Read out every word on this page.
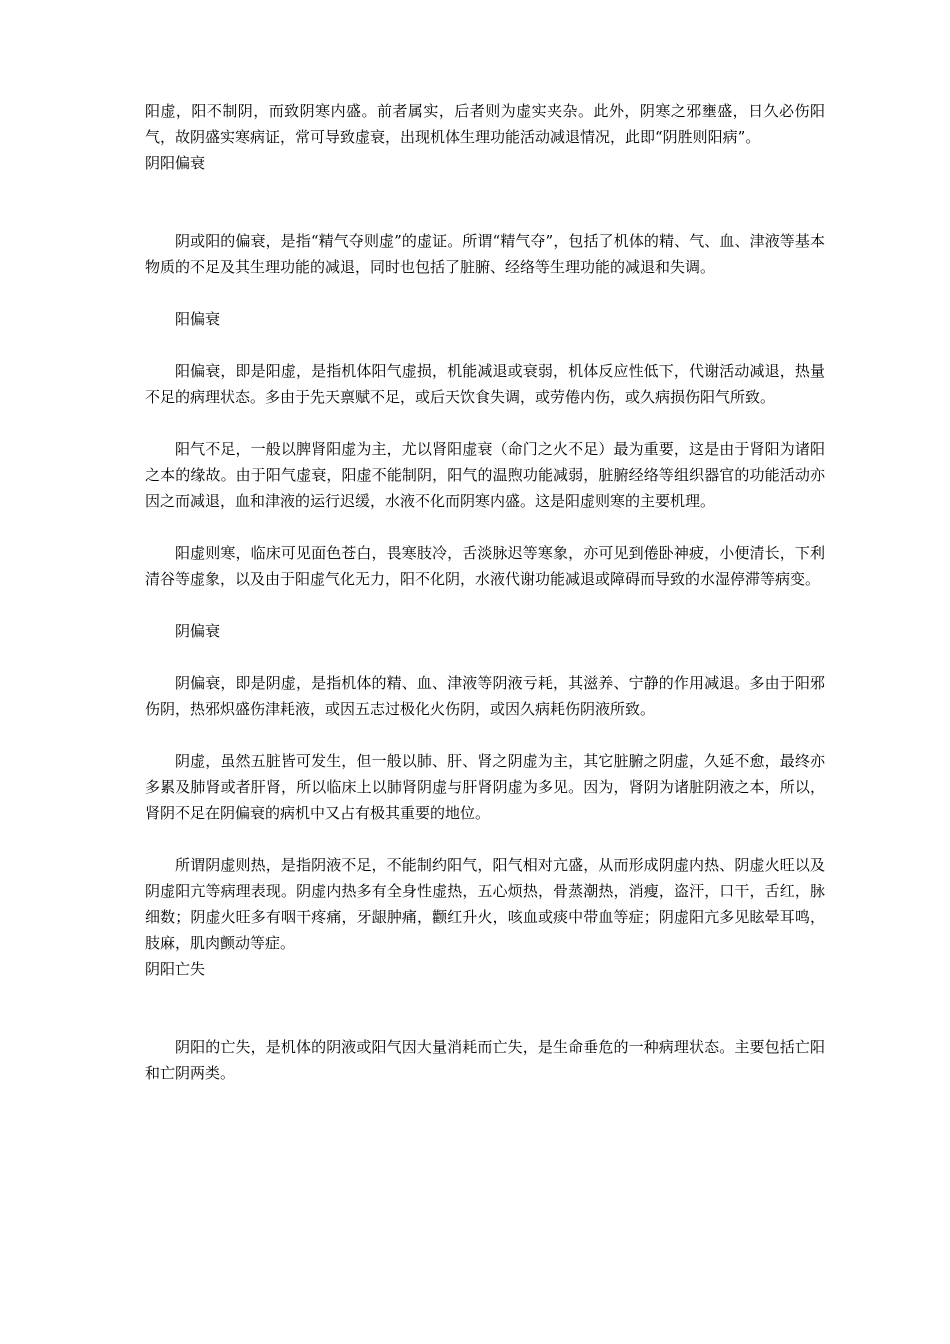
阳虚，阳不制阴，而致阴寒内盛。前者属实，后者则为虚实夹杂。此外，阴寒之邪壅盛，日久必伤阳气，故阴盛实寒病证，常可导致虚衰，出现机体生理功能活动减退情况，此即“阴胜则阳病”。

阴阳偏衰

阴或阳的偏衰，是指“精气夺则虚”的虚证。所谓“精气夺”，包括了机体的精、气、血、津液等基本物质的不足及其生理功能的减退，同时也包括了脏腑、经络等生理功能的减退和失调。

阳偏衰

阳偏衰，即是阳虚，是指机体阳气虚损，机能减退或衰弱，机体反应性低下，代谢活动减退，热量不足的病理状态。多由于先天禀赋不足，或后天饮食失调，或劳倦内伤，或久病损伤阳气所致。

阳气不足，一般以脾肾阳虚为主，尤以肾阳虚衰（命门之火不足）最为重要，这是由于肾阳为诸阳之本的缘故。由于阳气虚衰，阳虚不能制阴，阳气的温煦功能减弱，脏腑经络等组织器官的功能活动亦因之而减退，血和津液的运行迟缓，水液不化而阴寒内盛。这是阳虚则寒的主要机理。

阳虚则寒，临床可见面色苍白，畏寒肢冷，舌淡脉迟等寒象，亦可见到倦卧神疲，小便清长，下利清谷等虚象，以及由于阳虚气化无力，阳不化阴，水液代谢功能减退或障碍而导致的水湿停滞等病变。

阴偏衰

阴偏衰，即是阴虚，是指机体的精、血、津液等阴液亏耗，其滋养、宁静的作用减退。多由于阳邪伤阴，热邪炽盛伤津耗液，或因五志过极化火伤阴，或因久病耗伤阴液所致。

阴虚，虽然五脏皆可发生，但一般以肺、肝、肾之阴虚为主，其它脏腑之阴虚，久延不愈，最终亦多累及肺肾或者肝肾，所以临床上以肺肾阴虚与肝肾阴虚为多见。因为，肾阴为诸脏阴液之本，所以，肾阴不足在阴偏衰的病机中又占有极其重要的地位。

所谓阴虚则热，是指阴液不足，不能制约阳气，阳气相对亢盛，从而形成阴虚内热、阴虚火旺以及阴虚阳亢等病理表现。阴虚内热多有全身性虚热，五心烦热，骨蒸潮热，消瘦，盗汗，口干，舌红，脉细数；阴虚火旺多有咽干疼痛，牙龈肿痛，颧红升火，咳血或痰中带血等症；阴虚阳亢多见眩晕耳鸣，肢麻，肌肉颤动等症。

阴阳亡失

阴阳的亡失，是机体的阴液或阳气因大量消耗而亡失，是生命垂危的一种病理状态。主要包括亡阳和亡阴两类。
